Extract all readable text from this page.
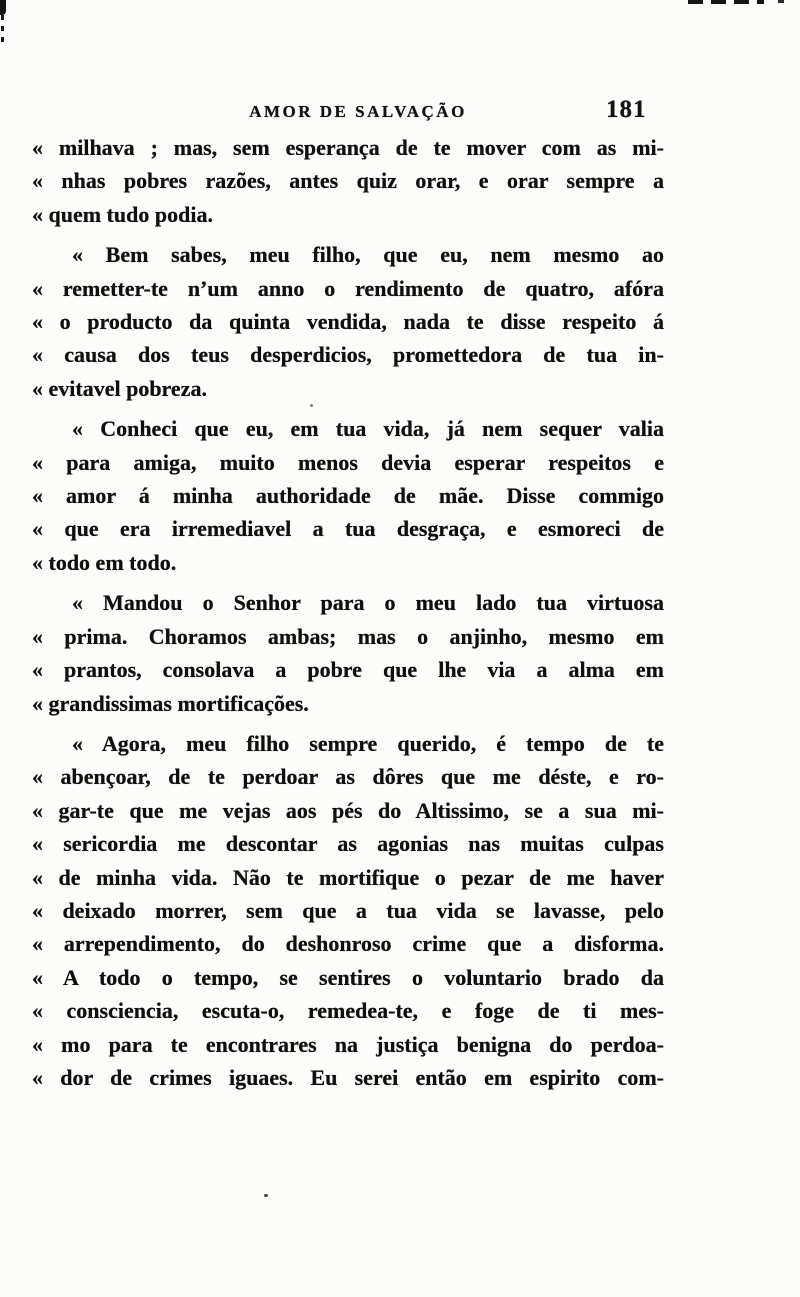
AMOR DE SALVAÇÃO	181
« milhava ; mas, sem esperança de te mover com as mi-
« nhas pobres razões, antes quiz orar, e orar sempre a
« quem tudo podia.
« Bem sabes, meu filho, que eu, nem mesmo ao
« remetter-te n’um anno o rendimento de quatro, afóra
« o producto da quinta vendida, nada te disse respeito á
« causa dos teus desperdicios, promettedora de tua in-
« evitavel pobreza.
« Conheci que eu, em tua vida, já nem sequer valia
« para amiga, muito menos devia esperar respeitos e
« amor á minha authoridade de mãe. Disse commigo
« que era irremediavel a tua desgraça, e esmoreci de
« todo em todo.
« Mandou o Senhor para o meu lado tua virtuosa
« prima. Choramos ambas; mas o anjinho, mesmo em
« prantos, consolava a pobre que lhe via a alma em
« grandissimas mortificações.
« Agora, meu filho sempre querido, é tempo de te
« abençoar, de te perdoar as dôres que me déste, e ro-
« gar-te que me vejas aos pés do Altissimo, se a sua mi-
« sericordia me descontar as agonias nas muitas culpas
« de minha vida. Não te mortifique o pezar de me haver
« deixado morrer, sem que a tua vida se lavasse, pelo
« arrependimento, do deshonroso crime que a disforma.
« A todo o tempo, se sentires o voluntario brado da
« consciencia, escuta-o, remedea-te, e foge de ti mes-
« mo para te encontrares na justiça benigna do perdoa-
« dor de crimes iguaes. Eu serei então em espirito com-
